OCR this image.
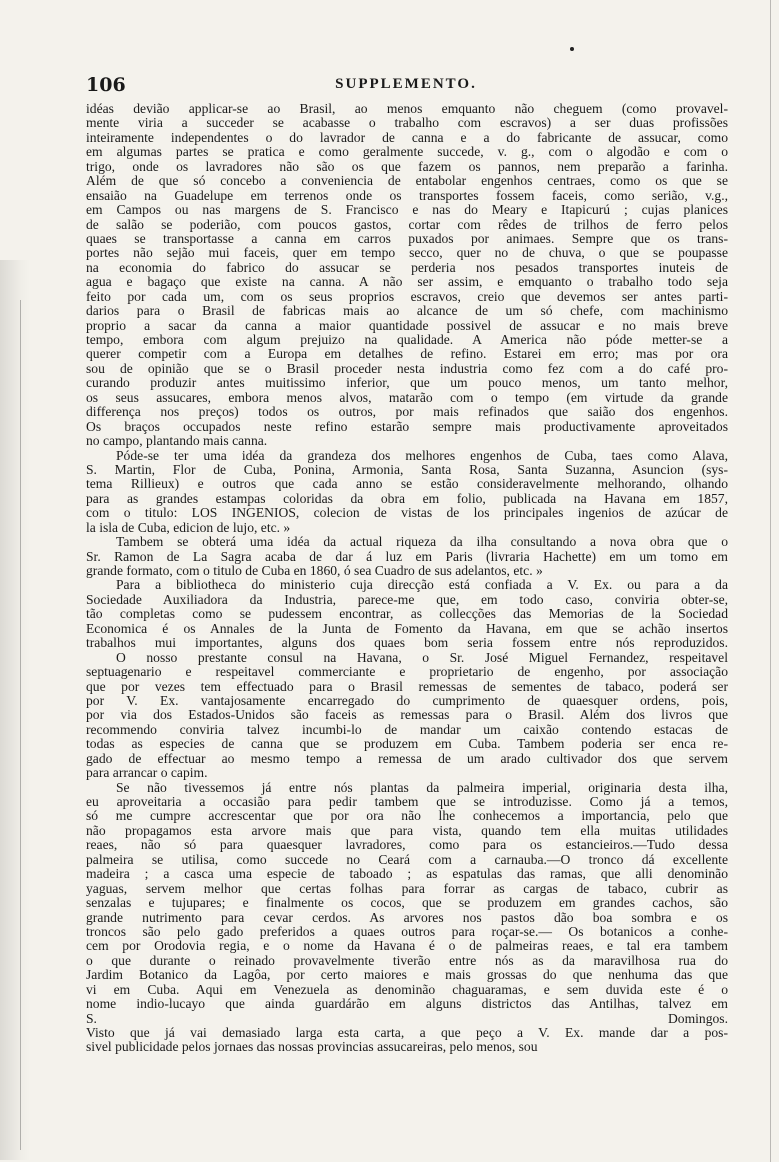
106	SUPPLEMENTO.
idéas devião applicar-se ao Brasil, ao menos emquanto não cheguem (como provavel-
mente viria a succeder se acabasse o trabalho com escravos) a ser duas profissões
inteiramente independentes o do lavrador de canna e a do fabricante de assucar, como
em algumas partes se pratica e como geralmente succede, v. g., com o algodão e com o
trigo, onde os lavradores não são os que fazem os pannos, nem preparão a farinha.
Além de que só concebo a conveniencia de entabolar engenhos centraes, como os que se
ensaião na Guadelupe em terrenos onde os transportes fossem faceis, como serião, v.g.,
em Campos ou nas margens de S. Francisco e nas do Meary e Itapicurú ; cujas planices
de salão se poderião, com poucos gastos, cortar com rêdes de trilhos de ferro pelos
quaes se transportasse a canna em carros puxados por animaes. Sempre que os trans-
portes não sejão mui faceis, quer em tempo secco, quer no de chuva, o que se poupasse
na economia do fabrico do assucar se perderia nos pesados transportes inuteis de
agua e bagaço que existe na canna. A não ser assim, e emquanto o trabalho todo seja
feito por cada um, com os seus proprios escravos, creio que devemos ser antes parti-
darios para o Brasil de fabricas mais ao alcance de um só chefe, com machinismo
proprio a sacar da canna a maior quantidade possivel de assucar e no mais breve
tempo, embora com algum prejuizo na qualidade. A America não póde metter-se a
querer competir com a Europa em detalhes de refino. Estarei em erro; mas por ora
sou de opinião que se o Brasil proceder nesta industria como fez com a do café pro-
curando produzir antes muitissimo inferior, que um pouco menos, um tanto melhor,
os seus assucares, embora menos alvos, matarão com o tempo (em virtude da grande
differença nos preços) todos os outros, por mais refinados que saião dos engenhos.
Os braços occupados neste refino estarão sempre mais productivamente aproveitados
no campo, plantando mais canna.
Póde-se ter uma idéa da grandeza dos melhores engenhos de Cuba, taes como Alava,
S. Martin, Flor de Cuba, Ponina, Armonia, Santa Rosa, Santa Suzanna, Asuncion (sys-
tema Rillieux) e outros que cada anno se estão consideravelmente melhorando, olhando
para as grandes estampas coloridas da obra em folio, publicada na Havana em 1857,
com o titulo: LOS INGENIOS, colecion de vistas de los principales ingenios de azúcar de
la isla de Cuba, edicion de lujo, etc. »
Tambem se obterá uma idéa da actual riqueza da ilha consultando a nova obra que o
Sr. Ramon de La Sagra acaba de dar á luz em Paris (livraria Hachette) em um tomo em
grande formato, com o titulo de Cuba en 1860, ó sea Cuadro de sus adelantos, etc. »
Para a bibliotheca do ministerio cuja direcção está confiada a V. Ex. ou para a da
Sociedade Auxiliadora da Industria, parece-me que, em todo caso, conviria obter-se,
tão completas como se pudessem encontrar, as collecções das Memorias de la Sociedad
Economica é os Annales de la Junta de Fomento da Havana, em que se achão insertos
trabalhos mui importantes, alguns dos quaes bom seria fossem entre nós reproduzidos.
O nosso prestante consul na Havana, o Sr. José Miguel Fernandez, respeitavel
septuagenario e respeitavel commerciante e proprietario de engenho, por associação
que por vezes tem effectuado para o Brasil remessas de sementes de tabaco, poderá ser
por V. Ex. vantajosamente encarregado do cumprimento de quaesquer ordens, pois,
por via dos Estados-Unidos são faceis as remessas para o Brasil. Além dos livros que
recommendo conviria talvez incumbi-lo de mandar um caixão contendo estacas de
todas as especies de canna que se produzem em Cuba. Tambem poderia ser enca re-
gado de effectuar ao mesmo tempo a remessa de um arado cultivador dos que servem
para arrancar o capim.
Se não tivessemos já entre nós plantas da palmeira imperial, originaria desta ilha,
eu aproveitaria a occasião para pedir tambem que se introduzisse. Como já a temos,
só me cumpre accrescentar que por ora não lhe conhecemos a importancia, pelo que
não propagamos esta arvore mais que para vista, quando tem ella muitas utilidades
reaes, não só para quaesquer lavradores, como para os estancieiros.—Tudo dessa
palmeira se utilisa, como succede no Ceará com a carnauba.—O tronco dá excellente
madeira ; a casca uma especie de taboado ; as espatulas das ramas, que alli denominão
yaguas, servem melhor que certas folhas para forrar as cargas de tabaco, cubrir as
senzalas e tujupares; e finalmente os cocos, que se produzem em grandes cachos, são
grande nutrimento para cevar cerdos. As arvores nos pastos dão boa sombra e os
troncos são pelo gado preferidos a quaes outros para roçar-se.— Os botanicos a conhe-
cem por Orodovia regia, e o nome da Havana é o de palmeiras reaes, e tal era tambem
o que durante o reinado provavelmente tiverão entre nós as da maravilhosa rua do
Jardim Botanico da Lagôa, por certo maiores e mais grossas do que nenhuma das que
vi em Cuba. Aqui em Venezuela as denominão chaguaramas, e sem duvida este é o
nome indio-lucayo que ainda guardárão em alguns districtos das Antilhas, talvez em
S. Domingos.
Visto que já vai demasiado larga esta carta, a que peço a V. Ex. mande dar a pos-
sivel publicidade pelos jornaes das nossas provincias assucareiras, pelo menos, sou
